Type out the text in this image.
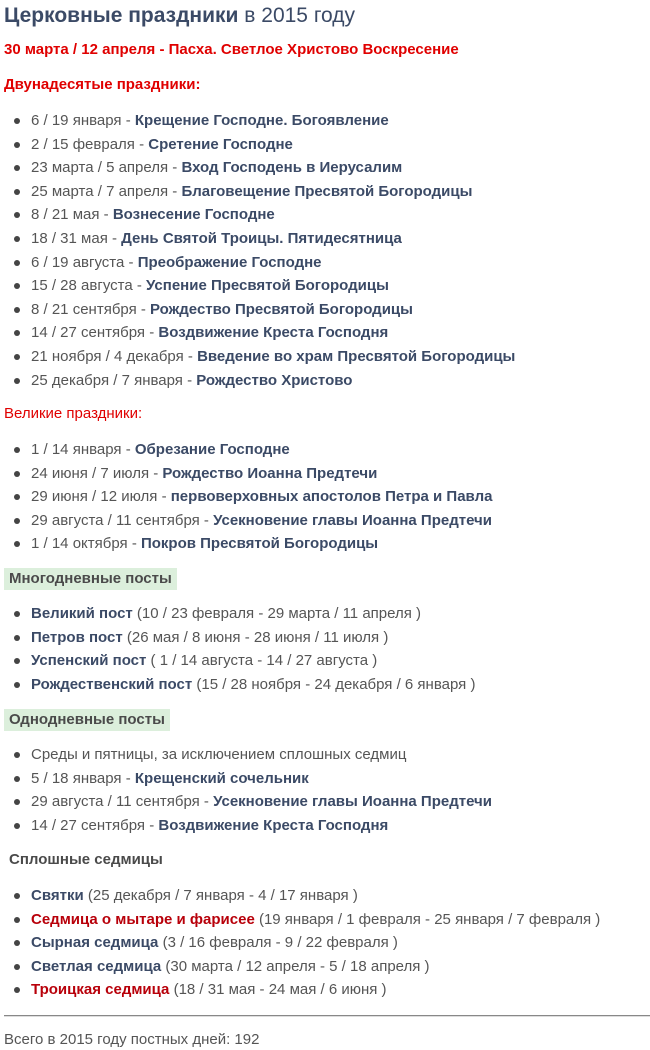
Церковные праздники в 2015 году
30 марта / 12 апреля - Пасха. Светлое Христово Воскресение
Двунадесятые праздники:
6 / 19 января - Крещение Господне. Богоявление
2 / 15 февраля - Сретение Господне
23 марта / 5 апреля - Вход Господень в Иерусалим
25 марта / 7 апреля - Благовещение Пресвятой Богородицы
8 / 21 мая - Вознесение Господне
18 / 31 мая - День Святой Троицы. Пятидесятница
6 / 19 августа - Преображение Господне
15 / 28 августа - Успение Пресвятой Богородицы
8 / 21 сентября - Рождество Пресвятой Богородицы
14 / 27 сентября - Воздвижение Креста Господня
21 ноября / 4 декабря - Введение во храм Пресвятой Богородицы
25 декабря / 7 января - Рождество Христово
Великие праздники:
1 / 14 января - Обрезание Господне
24 июня / 7 июля - Рождество Иоанна Предтечи
29 июня / 12 июля - первоверховных апостолов Петра и Павла
29 августа / 11 сентября - Усекновение главы Иоанна Предтечи
1 / 14 октября - Покров Пресвятой Богородицы
Многодневные посты
Великий пост (10 / 23 февраля - 29 марта / 11 апреля )
Петров пост (26 мая / 8 июня - 28 июня / 11 июля )
Успенский пост ( 1 / 14 августа - 14 / 27 августа )
Рождественский пост (15 / 28 ноября - 24 декабря / 6 января )
Однодневные посты
Среды и пятницы, за исключением сплошных седмиц
5 / 18 января - Крещенский сочельник
29 августа / 11 сентября - Усекновение главы Иоанна Предтечи
14 / 27 сентября - Воздвижение Креста Господня
Сплошные седмицы
Святки (25 декабря / 7 января - 4 / 17 января )
Седмица о мытаре и фарисее (19 января / 1 февраля - 25 января / 7 февраля )
Сырная седмица (3 / 16 февраля - 9 / 22 февраля )
Светлая седмица (30 марта / 12 апреля - 5 / 18 апреля )
Троицкая седмица (18 / 31 мая - 24 мая / 6 июня )
Всего в 2015 году постных дней: 192
